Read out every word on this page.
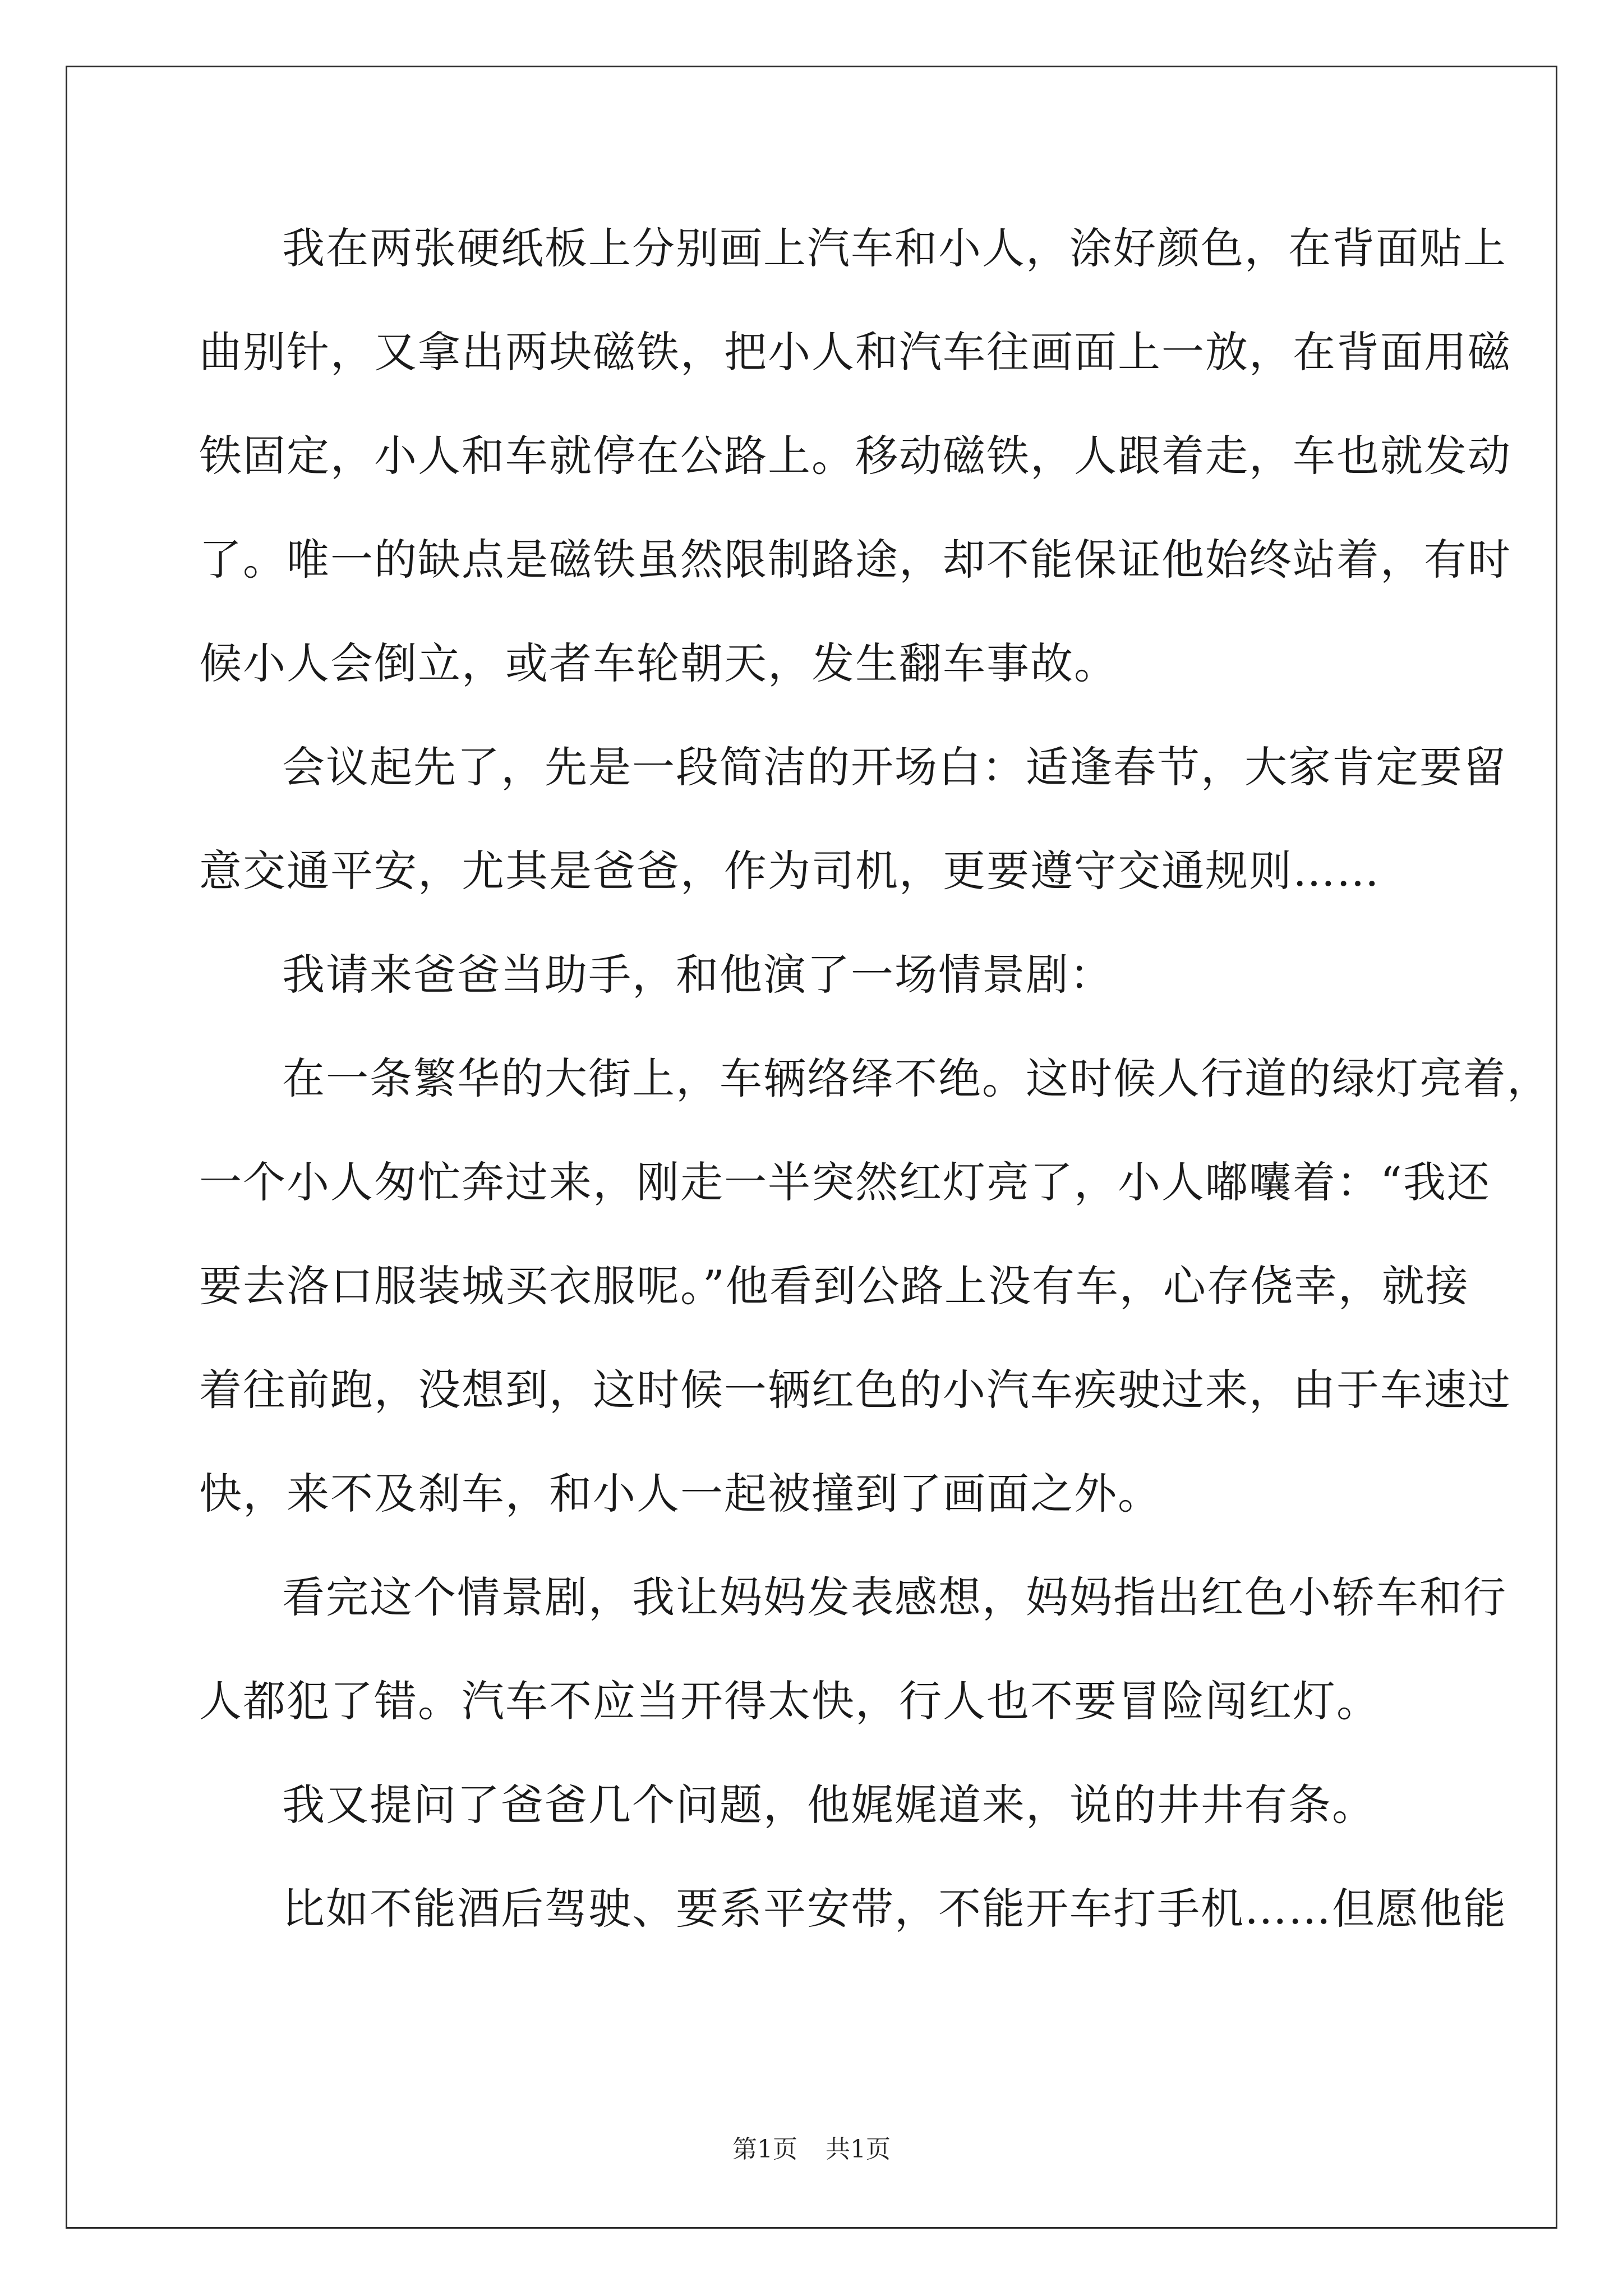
我在两张硬纸板上分别画上汽车和小人，涂好颜色，在背面贴上
曲别针，又拿出两块磁铁，把小人和汽车往画面上一放，在背面用磁
铁固定，小人和车就停在公路上。移动磁铁，人跟着走，车也就发动
了。唯一的缺点是磁铁虽然限制路途，却不能保证他始终站着，有时
候小人会倒立，或者车轮朝天，发生翻车事故。
会议起先了，先是一段简洁的开场白：适逢春节，大家肯定要留
意交通平安，尤其是爸爸，作为司机，更要遵守交通规则……
我请来爸爸当助手，和他演了一场情景剧：
在一条繁华的大街上，车辆络绎不绝。这时候人行道的绿灯亮着，
一个小人匆忙奔过来，刚走一半突然红灯亮了，小人嘟囔着：“我还
要去洛口服装城买衣服呢。”他看到公路上没有车，心存侥幸，就接
着往前跑，没想到，这时候一辆红色的小汽车疾驶过来，由于车速过
快，来不及刹车，和小人一起被撞到了画面之外。
看完这个情景剧，我让妈妈发表感想，妈妈指出红色小轿车和行
人都犯了错。汽车不应当开得太快，行人也不要冒险闯红灯。
我又提问了爸爸几个问题，他娓娓道来，说的井井有条。
比如不能酒后驾驶、要系平安带，不能开车打手机……但愿他能
第1页 共1页
